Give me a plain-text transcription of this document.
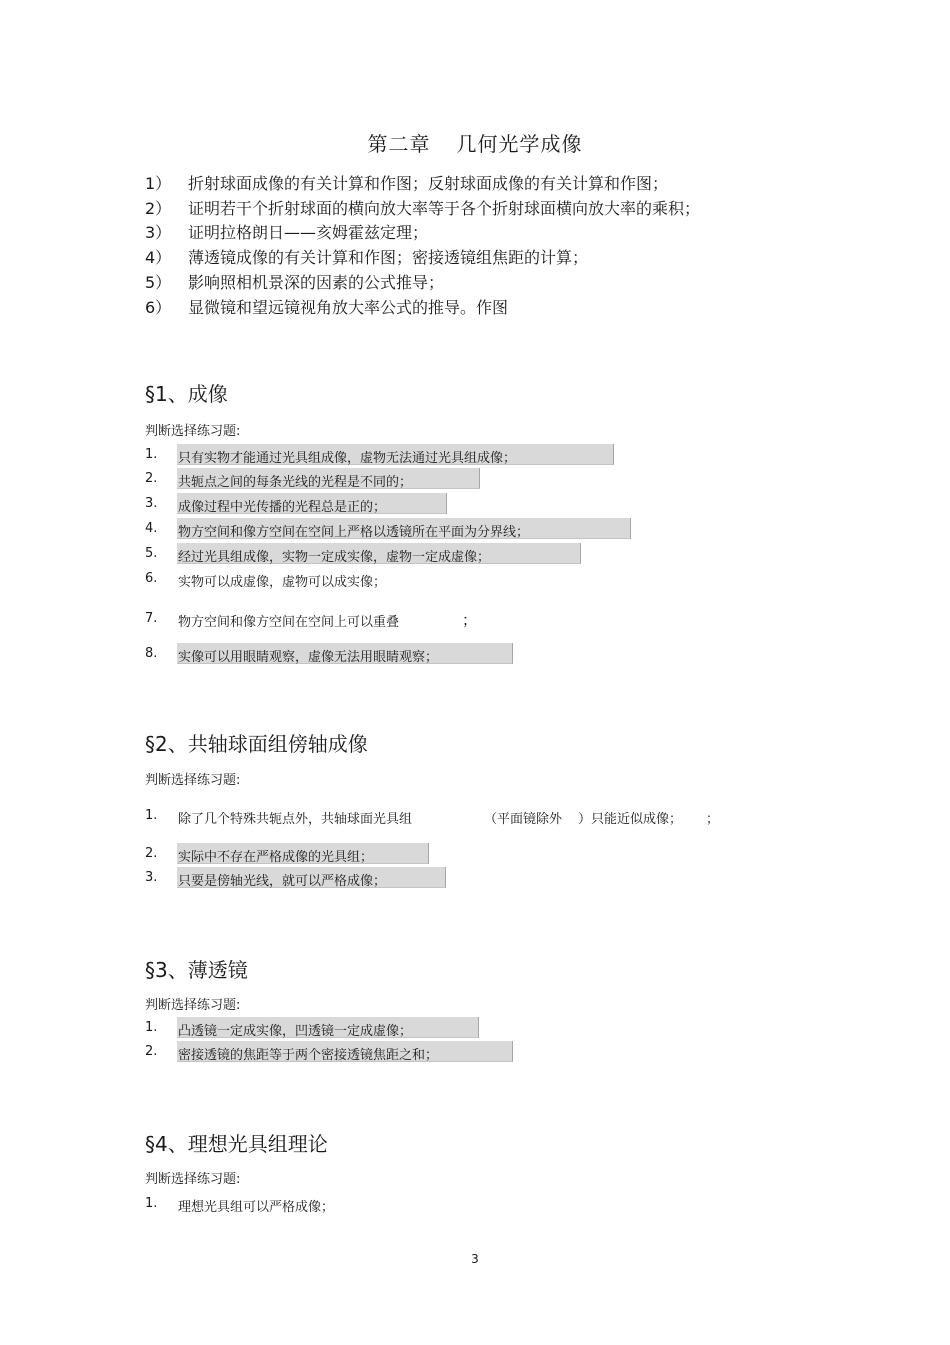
第二章 几何光学成像
1） 折射球面成像的有关计算和作图；反射球面成像的有关计算和作图；
2） 证明若干个折射球面的横向放大率等于各个折射球面横向放大率的乘积；
3） 证明拉格朗日——亥姆霍兹定理；
4） 薄透镜成像的有关计算和作图；密接透镜组焦距的计算；
5） 影响照相机景深的因素的公式推导；
6） 显微镜和望远镜视角放大率公式的推导。作图
§1、成像
判断选择练习题:
1. 只有实物才能通过光具组成像，虚物无法通过光具组成像；
2. 共轭点之间的每条光线的光程是不同的；
3. 成像过程中光传播的光程总是正的；
4. 物方空间和像方空间在空间上严格以透镜所在平面为分界线；
5. 经过光具组成像，实物一定成实像，虚物一定成虚像；
6. 实物可以成虚像，虚物可以成实像；
7. 物方空间和像方空间在空间上可以重叠	；
8. 实像可以用眼睛观察，虚像无法用眼睛观察；
§2、共轴球面组傍轴成像
判断选择练习题:
1. 除了几个特殊共轭点外，共轴球面光具组	（平面镜除外 ）只能近似成像； ；
2. 实际中不存在严格成像的光具组；
3. 只要是傍轴光线，就可以严格成像；
§3、薄透镜
判断选择练习题:
1. 凸透镜一定成实像，凹透镜一定成虚像；
2. 密接透镜的焦距等于两个密接透镜焦距之和；
§4、理想光具组理论
判断选择练习题:
1. 理想光具组可以严格成像；
3
